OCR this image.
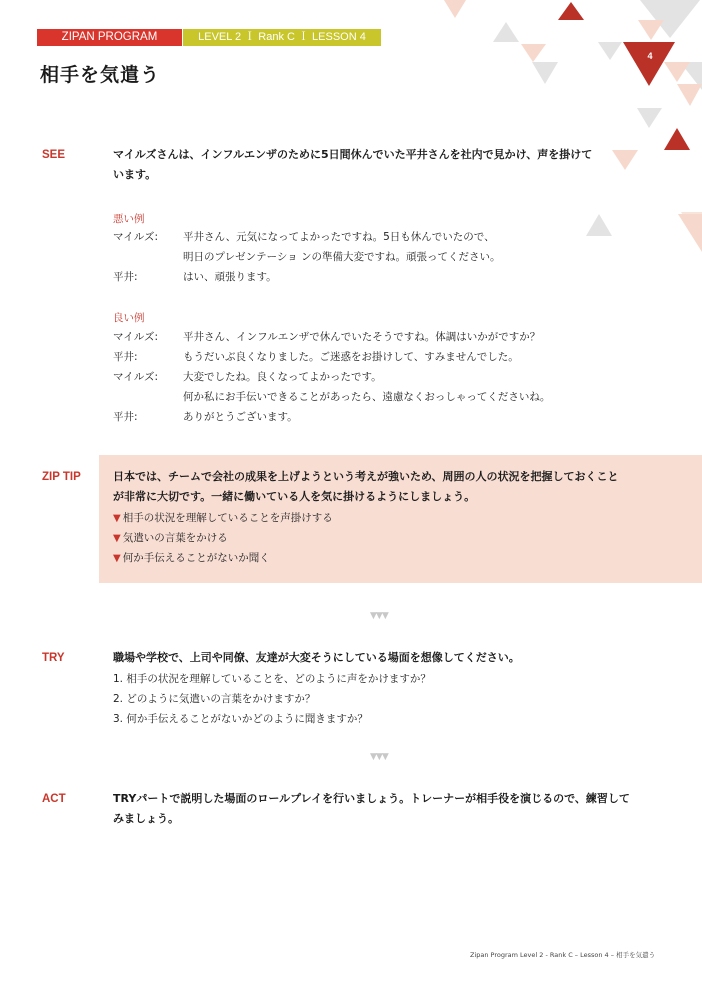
ZIPAN PROGRAM	LEVEL 2 Ｉ Rank C Ｉ LESSON 4
相手を気遣う
4
SEE	マイルズさんは、インフルエンザのために5日間休んでいた平井さんを社内で見かけ、声を掛けて
います。
悪い例
マイルズ: 平井さん、元気になってよかったですね。5日も休んでいたので、
明日のプレゼンテーショ ンの準備大変ですね。頑張ってください。
平井:	はい、頑張ります。
良い例
マイルズ: 平井さん、インフルエンザで休んでいたそうですね。体調はいかがですか？
平井:	もうだいぶ良くなりました。ご迷惑をお掛けして、すみませんでした。
マイルズ: 大変でしたね。良くなってよかったです。
何か私にお手伝いできることがあったら、遠慮なくおっしゃってくださいね。
平井:	ありがとうございます。
ZIP TIP	日本では、チームで会社の成果を上げようという考えが強いため、周囲の人の状況を把握しておくこと
が非常に大切です。一緒に働いている人を気に掛けるようにしましょう。
▼ 相手の状況を理解していることを声掛けする
▼ 気遣いの言葉をかける
▼ 何か手伝えることがないか聞く
▼▼▼
TRY	職場や学校で、上司や同僚、友達が大変そうにしている場面を想像してください。
1. 相手の状況を理解していることを、どのように声をかけますか？
2. どのように気遣いの言葉をかけますか？
3. 何か手伝えることがないかどのように聞きますか？
▼▼▼
ACT	TRYパートで説明した場面のロールプレイを行いましょう。トレーナーが相手役を演じるので、練習して
みましょう。
Zipan Program Level 2 - Rank C – Lesson 4 – 相手を気遣う
